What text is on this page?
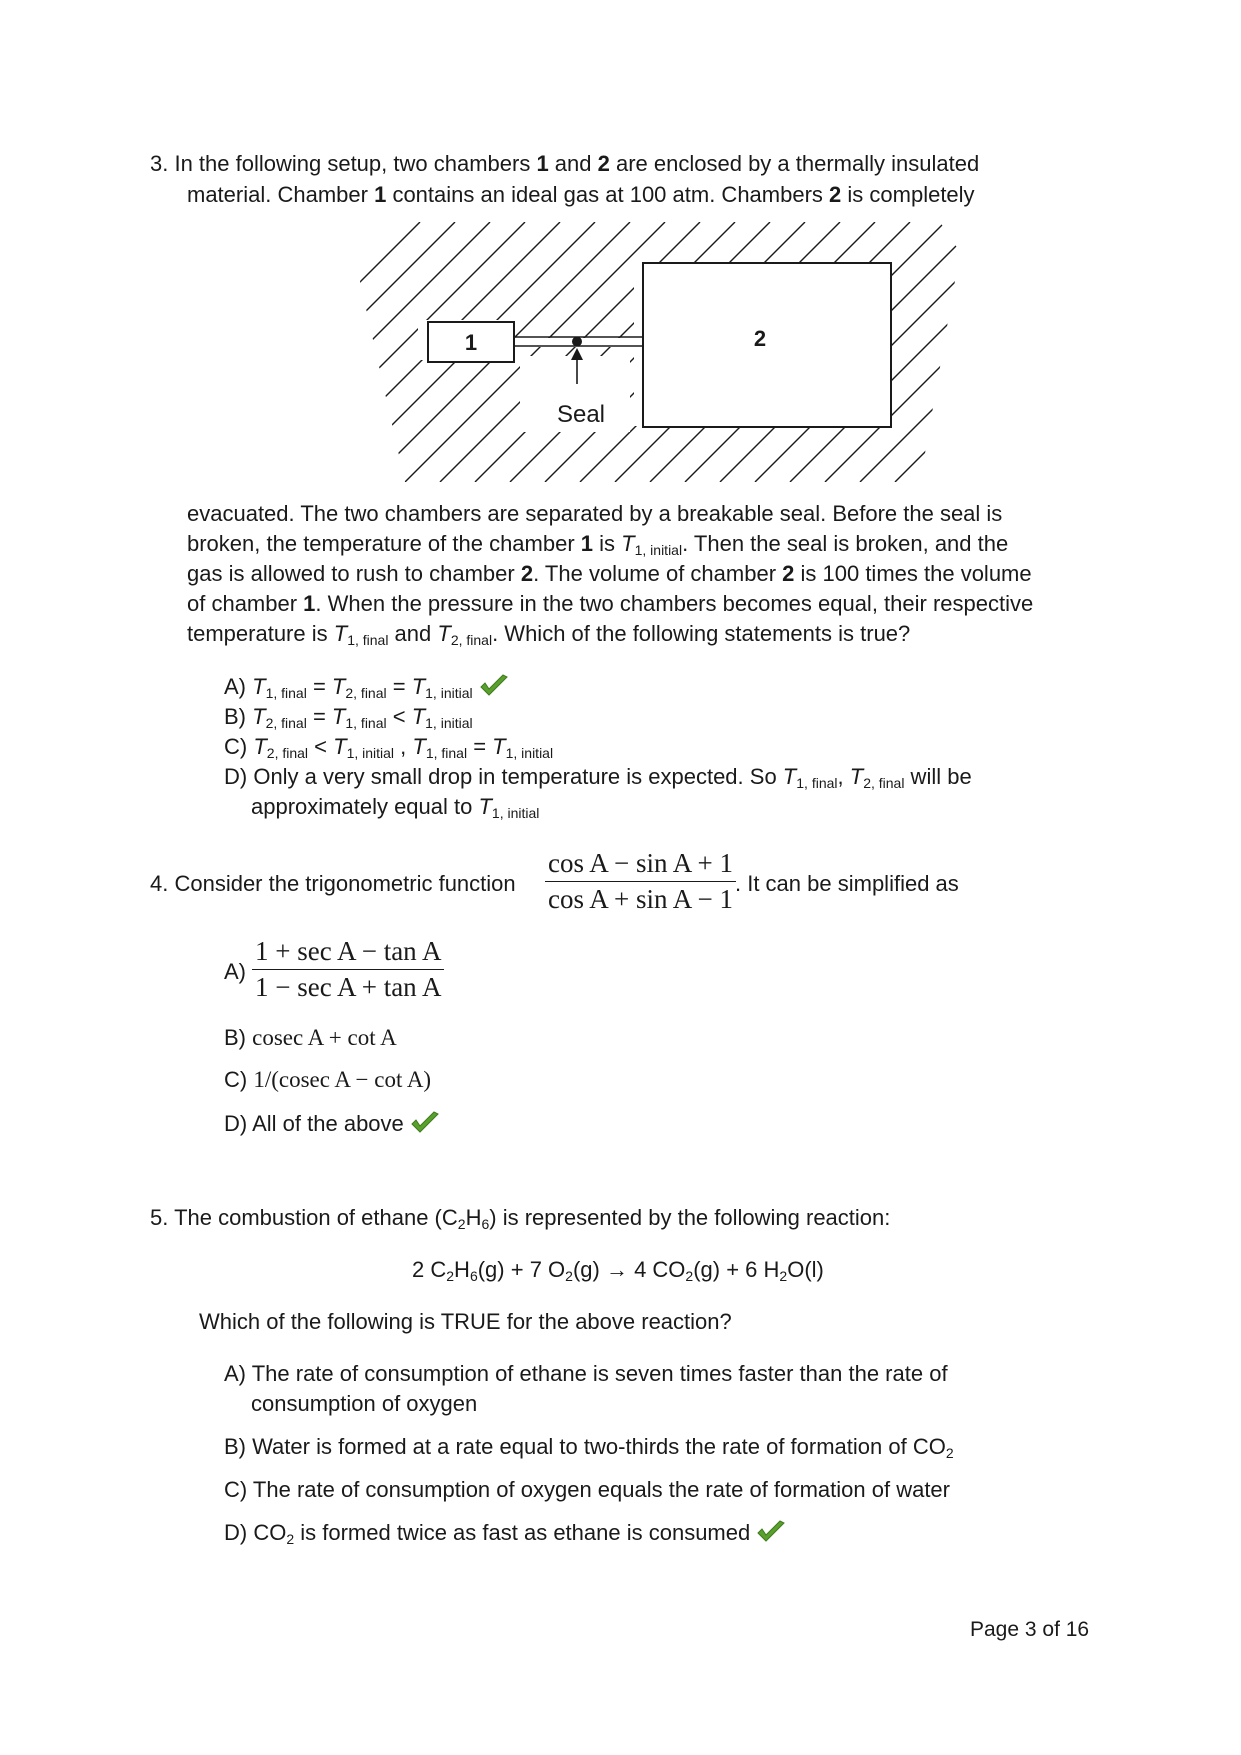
3. In the following setup, two chambers 1 and 2 are enclosed by a thermally insulated
material. Chamber 1 contains an ideal gas at 100 atm. Chambers 2 is completely
1	2
Seal
evacuated. The two chambers are separated by a breakable seal. Before the seal is
broken, the temperature of the chamber 1 is $T_{1, initial}$. Then the seal is broken, and the
gas is allowed to rush to chamber 2. The volume of chamber 2 is 100 times the volume
of chamber 1. When the pressure in the two chambers becomes equal, their respective
temperature is $T_{1, final}$ and $T_{2, final}$. Which of the following statements is true?
A) $T_{1, final} = T_{2, final} = T_{1, initial}$
B) $T_{2, final} = T_{1, final} < T_{1, initial}$
C) $T_{2, final} < T_{1, initial}$ , $T_{1, final} = T_{1, initial}$
D) Only a very small drop in temperature is expected. So $T_{1, final}$, $T_{2, final}$ will be
approximately equal to $T_{1, initial}$
4. Consider the trigonometric function
cos A − sin A + 1
cos A + sin A − 1
. It can be simplified as
A)
1 + sec A − tan A
1 − sec A + tan A
B) cosec A + cot A
C) 1/(cosec A − cot A)
D) All of the above
5. The combustion of ethane $(C_2H_6)$ is represented by the following reaction:
2 $C_2H_6(g) + 7$ $O_2(g) \to 4$ $CO_2(g) + 6$ $H_2O(l)$
Which of the following is TRUE for the above reaction?
A) The rate of consumption of ethane is seven times faster than the rate of
consumption of oxygen
B) Water is formed at a rate equal to two-thirds the rate of formation of $CO_2$
C) The rate of consumption of oxygen equals the rate of formation of water
D) $CO_2$ is formed twice as fast as ethane is consumed
Page 3 of 16
